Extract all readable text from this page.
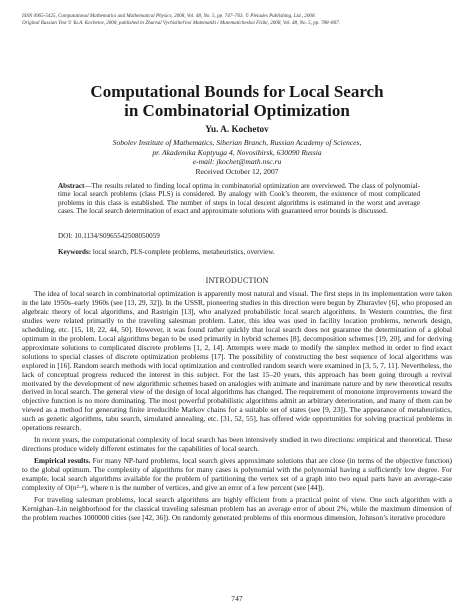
ISSN 0965-5425, Computational Mathematics and Mathematical Physics, 2008, Vol. 48, No. 5, pp. 747–763. © Pleiades Publishing, Ltd., 2008.
Original Russian Text © Yu.A. Kochetov, 2008, published in Zhurnal Vychislitel'noi Matematiki i Matematicheskoi Fiziki, 2008, Vol. 48, No. 5, pp. 788–807.
Computational Bounds for Local Search
in Combinatorial Optimization
Yu. A. Kochetov
Sobolev Institute of Mathematics, Siberian Branch, Russian Academy of Sciences,
pr. Akademika Koptyuga 4, Novosibirsk, 630090 Russia
e-mail: jkochet@math.nsc.ru
Received October 12, 2007
Abstract—The results related to finding local optima in combinatorial optimization are overviewed. The class of polynomial-time local search problems (class PLS) is considered. By analogy with Cook’s theorem, the existence of most complicated problems in this class is established. The number of steps in local descent algorithms is estimated in the worst and average cases. The local search determination of exact and approximate solutions with guaranteed error bounds is discussed.
DOI: 10.1134/S0965542508050059
Keywords: local search, PLS-complete problems, metaheuristics, overview.
INTRODUCTION

The idea of local search in combinatorial optimization is apparently most natural and visual. The first steps in its implementation were taken in the late 1950s–early 1960s (see [13, 29, 32]). In the USSR, pioneering studies in this direction were begun by Zhuravlev [6], who proposed an algebraic theory of local algorithms, and Rastrigin [13], who analyzed probabilistic local search algorithms. In Western countries, the first studies were related primarily to the traveling salesman problem. Later, this idea was used in facility location problems, network design, scheduling, etc. [15, 18, 22, 44, 50]. However, it was found rather quickly that local search does not guarantee the determination of a global optimum in the problem. Local algorithms began to be used primarily in hybrid schemes [8], decomposition schemes [19, 20], and for deriving approximate solutions to complicated discrete problems [1, 2, 14]. Attempts were made to modify the simplex method in order to find exact solutions to special classes of discrete optimization problems [17]. The possibility of constructing the best sequence of local algorithms was explored in [16]. Random search methods with local optimization and controlled random search were examined in [3, 5, 7, 11]. Nevertheless, the lack of conceptual progress reduced the interest in this subject. For the last 15–20 years, this approach has been going through a revival motivated by the development of new algorithmic schemes based on analogies with animate and inanimate nature and by new theoretical results derived in local search. The general view of the design of local algorithms has changed. The requirement of monotone improvements toward the objective function is no more dominating. The most powerful probabilistic algorithms admit an arbitrary deterioration, and many of them can be viewed as a method for generating finite irreducible Markov chains for a suitable set of states (see [9, 23]). The appearance of metaheuristics, such as genetic algorithms, tabu search, simulated annealing, etc. [31, 52, 55], has offered wide opportunities for solving practical problems in operations research.

In recent years, the computational complexity of local search has been intensively studied in two directions: empirical and theoretical. These directions produce widely different estimates for the capabilities of local search.

Empirical results. For many NP-hard problems, local search gives approximate solutions that are close (in terms of the objective function) to the global optimum. The complexity of algorithms for many cases is polynomial with the polynomial having a sufficiently low degree. For example, local search algorithms available for the problem of partitioning the vertex set of a graph into two equal parts have an average-case complexity of O(n²·⁴), where n is the number of vertices, and give an error of a few percent (see [44]).

For traveling salesman problems, local search algorithms are highly efficient from a practical point of view. One such algorithm with a Kernighan–Lin neighborhood for the classical traveling salesman problem has an average error of about 2%, while the maximum dimension of the problem reaches 1000000 cities (see [42, 36]). On randomly generated problems of this enormous dimension, Johnson’s iterative procedure

747
